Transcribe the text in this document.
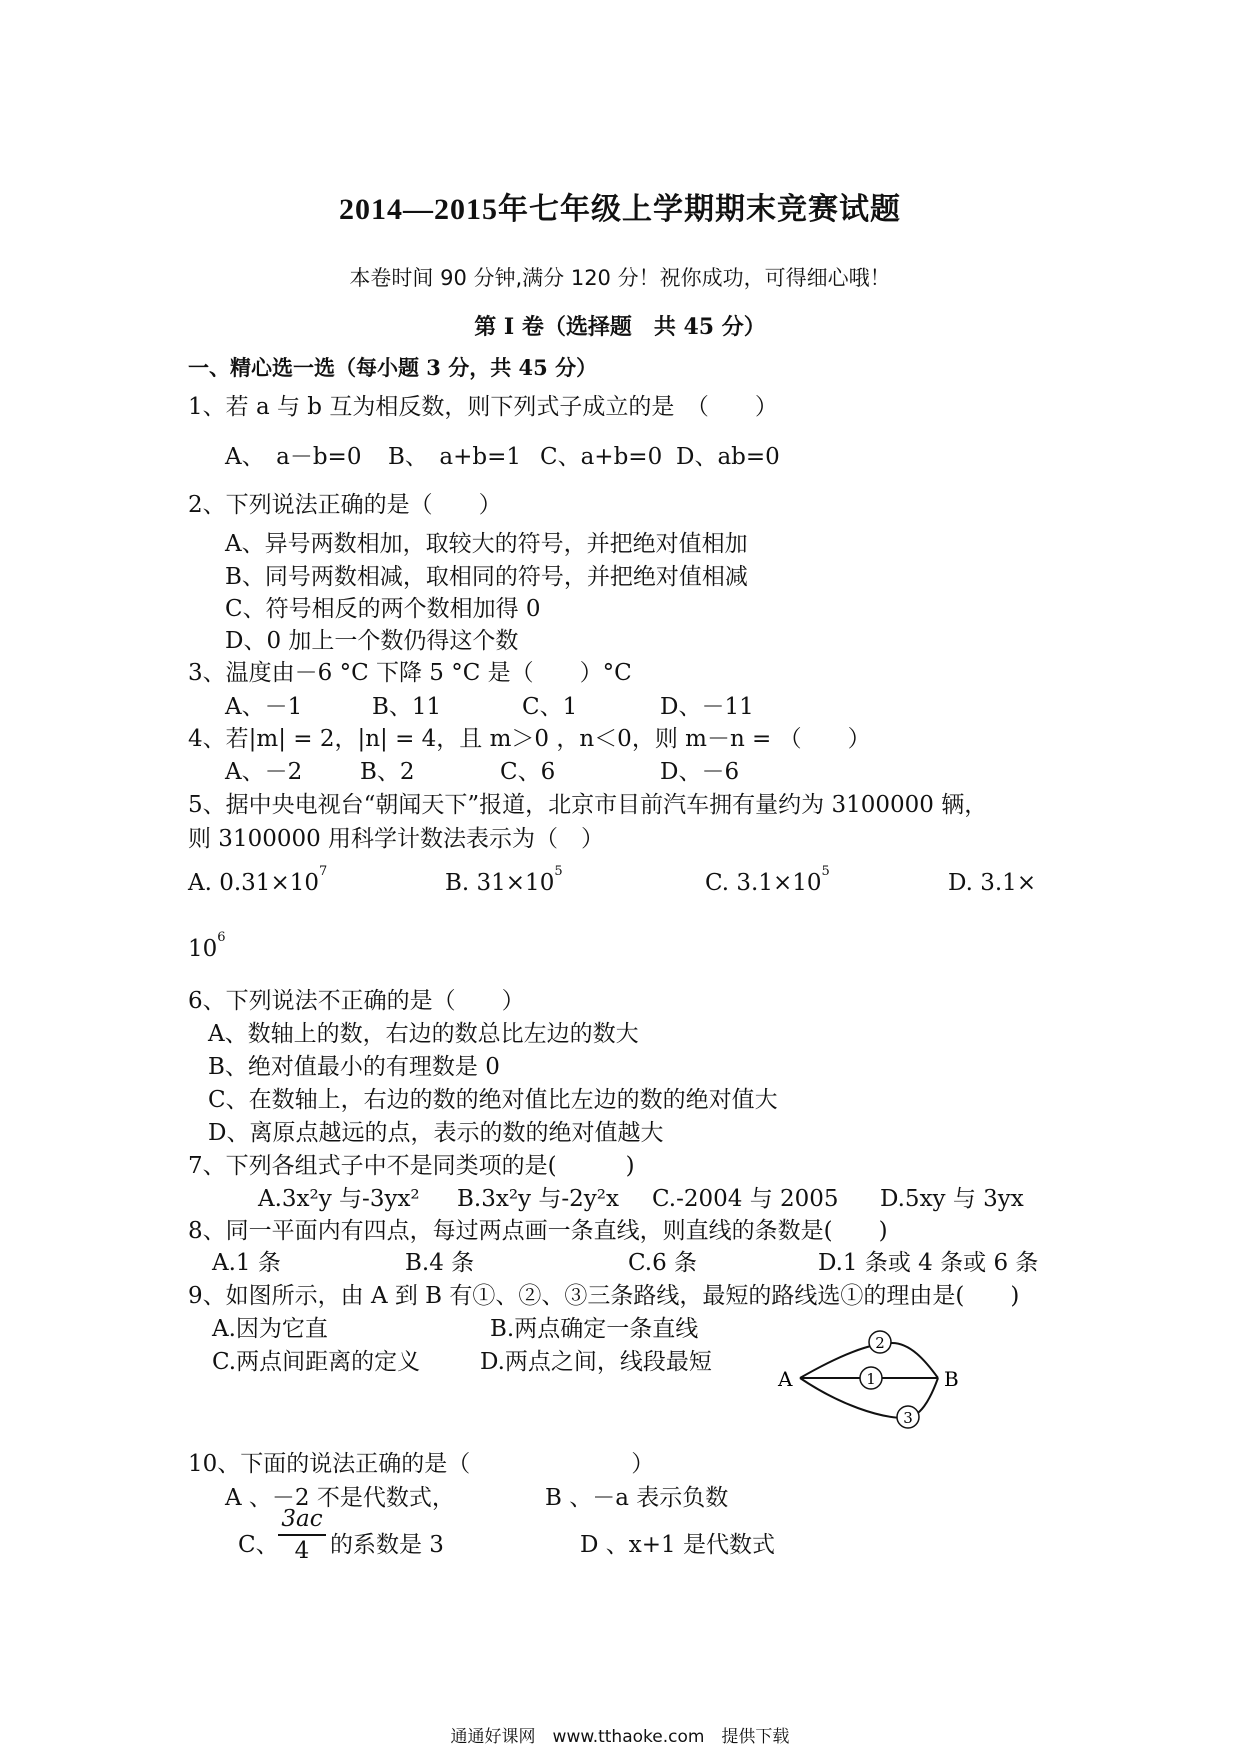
2014—2015年七年级上学期期末竞赛试题
本卷时间 90 分钟,满分 120 分！祝你成功，可得细心哦！
第 I 卷（选择题　共 45 分）
一、精心选一选（每小题 3 分，共 45 分）
1、若 a 与 b 互为相反数，则下列式子成立的是　（　　）
A、　a－b=0 B、　a+b=1 C、a+b=0 D、ab=0
2、下列说法正确的是（　　）
A、异号两数相加，取较大的符号，并把绝对值相加
B、同号两数相减，取相同的符号，并把绝对值相减
C、符号相反的两个数相加得 0
D、0 加上一个数仍得这个数
3、温度由－6 °C 下降 5 °C 是（　　）°C
A、－1	B、11	C、1	D、－11
4、若|m| = 2，|n| = 4，且 m＞0 ，n＜0，则 m－n = （　　）
A、－2	B、2	C、6	D、－6
5、据中央电视台“朝闻天下”报道，北京市目前汽车拥有量约为 3100000 辆，
则 3100000 用科学计数法表示为（　）
A. $0.31\times 10^7$	B. $31\times 10^5$	C. $3.1\times 10^5$	D. 3.1×
$10^6$
6、下列说法不正确的是（　　）
A、数轴上的数，右边的数总比左边的数大
B、绝对值最小的有理数是 0
C、在数轴上，右边的数的绝对值比左边的数的绝对值大
D、离原点越远的点，表示的数的绝对值越大
7、下列各组式子中不是同类项的是(　　　)
A.3x²y 与-3yx² B.3x²y 与-2y²x C.-2004 与 2005 D.5xy 与 3yx
8、同一平面内有四点，每过两点画一条直线，则直线的条数是(　　)
A.1 条	B.4 条	C.6 条	D.1 条或 4 条或 6 条
9、如图所示，由 A 到 B 有①、②、③三条路线，最短的路线选①的理由是(　　)
A.因为它直	B.两点确定一条直线
C.两点间距离的定义	D.两点之间，线段最短
A	B
1
2
3
10、下面的说法正确的是（　　　　　　　）
A 、－2 不是代数式，	B 、－a 表示负数
C、
3ac
4 的系数是 3	D 、x+1 是代数式
通通好课网　www.tthaoke.com　提供下载
